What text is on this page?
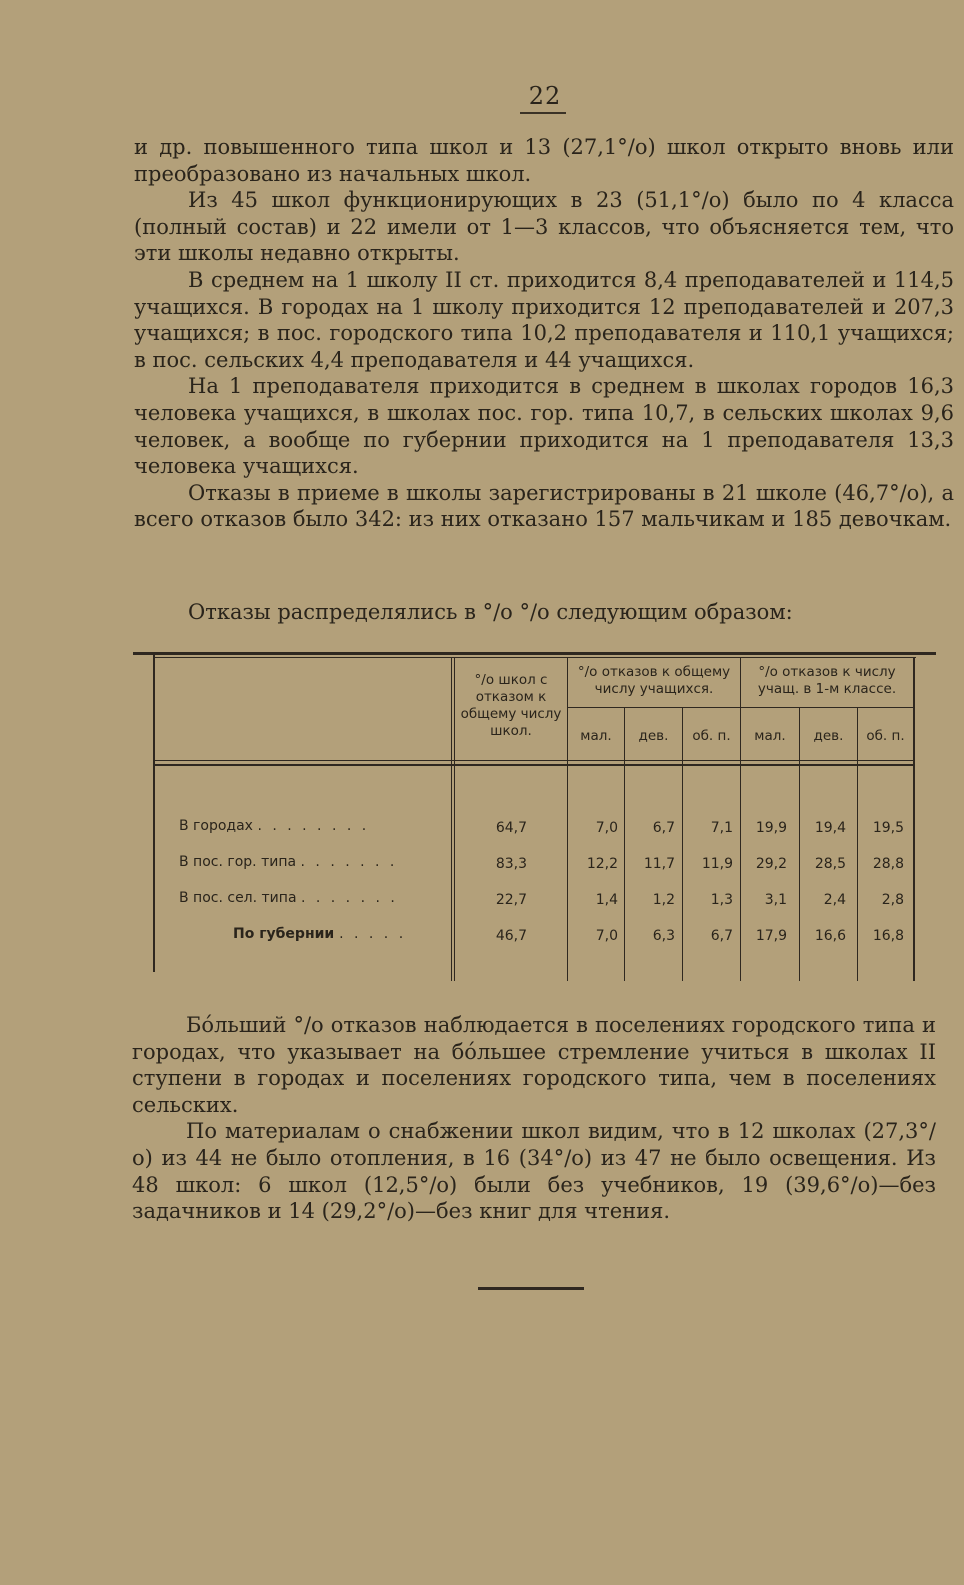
22

и др. повышенного типа школ и 13 (27,1°/о) школ открыто вновь или преобразовано из начальных школ.

Из 45 школ функционирующих в 23 (51,1°/о) было по 4 класса (полный состав) и 22 имели от 1—3 классов, что объясняется тем, что эти школы недавно открыты.

В среднем на 1 школу II ст. приходится 8,4 преподавателей и 114,5 учащихся. В городах на 1 школу приходится 12 преподавателей и 207,3 учащихся; в пос. городского типа 10,2 преподавателя и 110,1 учащихся; в пос. сельских 4,4 преподавателя и 44 учащихся.

На 1 преподавателя приходится в среднем в школах городов 16,3 человека учащихся, в школах пос. гор. типа 10,7, в сельских школах 9,6 человек, а вообще по губернии приходится на 1 преподавателя 13,3 человека учащихся.

Отказы в приеме в школы зарегистрированы в 21 школе (46,7°/о), а всего отказов было 342: из них отказано 157 мальчикам и 185 девочкам.

Отказы распределялись в °/о °/о следующим образом:
°/о школ с отказом к общему числу школ.
°/о отказов к общему числу учащихся.
°/о отказов к числу учащ. в 1-м классе.
мал.	дев.	об. п.	мал.	дев.	об. п.
В городах . . . . . . . .	64,7	7,0	6,7	7,1	19,9	19,4	19,5
В пос. гор. типа . . . . . . .	83,3	12,2	11,7	11,9	29,2	28,5	28,8
В пос. сел. типа . . . . . . .	22,7	1,4	1,2	1,3	3,1	2,4	2,8
По губернии . . . . .	46,7	7,0	6,3	6,7	17,9	16,6	16,8

Бо́льший °/о отказов наблюдается в поселениях городского типа и городах, что указывает на бо́льшее стремление учиться в школах II ступени в городах и поселениях городского типа, чем в поселениях сельских.

По материалам о снабжении школ видим, что в 12 школах (27,3°/о) из 44 не было отопления, в 16 (34°/о) из 47 не было освещения. Из 48 школ: 6 школ (12,5°/о) были без учебников, 19 (39,6°/о)—без задачников и 14 (29,2°/о)—без книг для чтения.
